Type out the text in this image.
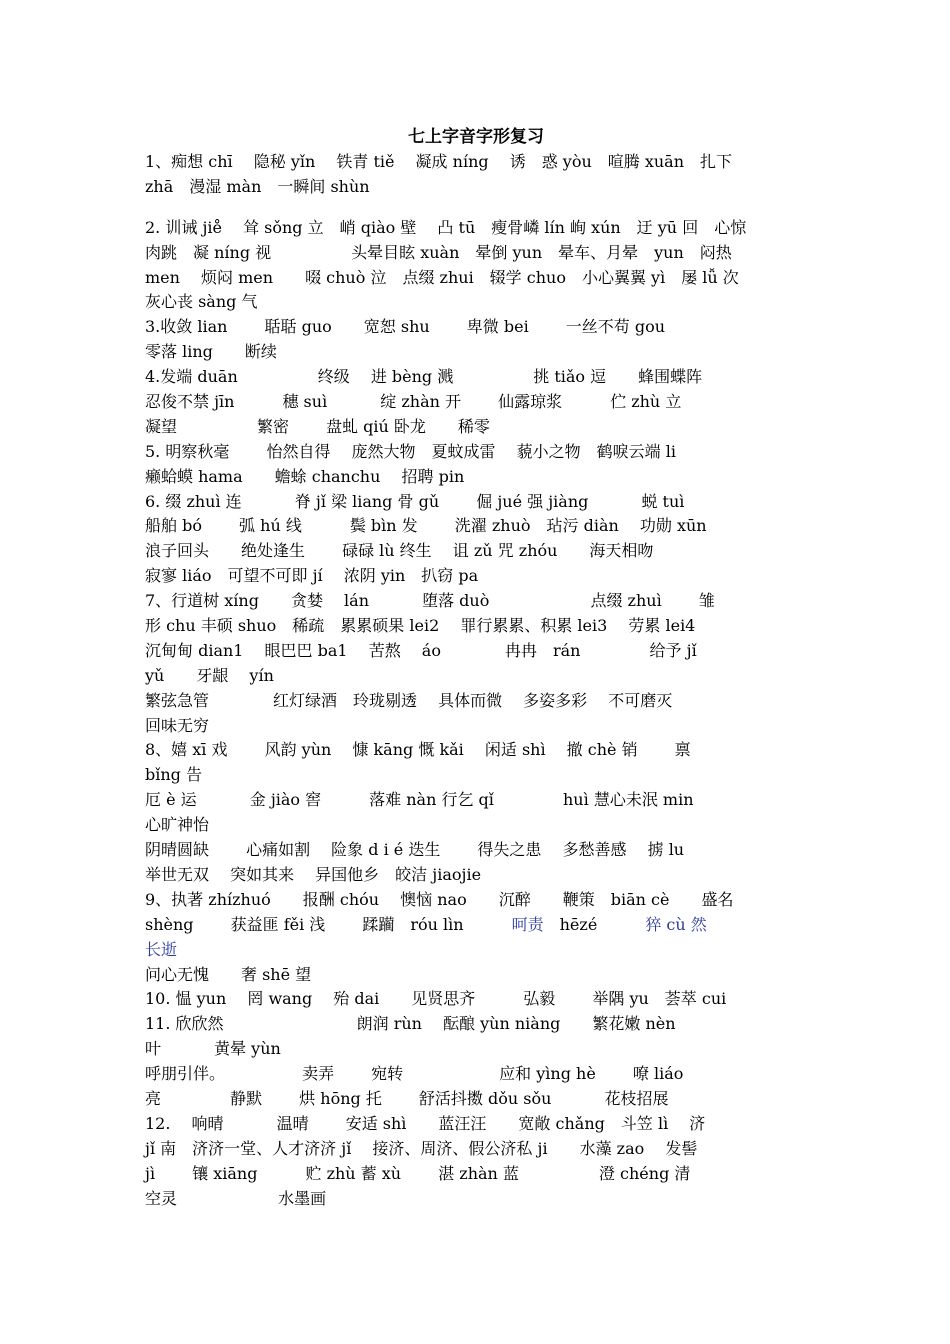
七上字音字形复习
1、痴想 chī　 隐秘 yǐn　 铁青 tiě　 凝成 níng　 诱　惑 yòu　喧腾 xuān　扎下
zhā　漫湿 màn　一瞬间 shùn
2. 训诫 jie̊　 耸 sǒng 立　峭 qiào 壁　 凸 tū　瘦骨嶙 lín 峋 xún　迂 yū 回　心惊
肉跳　凝 níng 视　　　　　头晕目眩 xuàn　晕倒 yun　晕车、月晕　yun　闷热
men　 烦闷 men　　啜 chuò 泣　点缀 zhui　辍学 chuo　小心翼翼 yì　屡 lǚ 次
灰心丧 sàng 气
3.收敛 lian　　 聒聒 guo　　宽恕 shu　　 卑微 bei　　 一丝不苟 gou
零落 ling　　断续
4.发端 duān　　　　　终级　 进 bèng 溅　　　　　挑 tiǎo 逗　　蜂围蝶阵
忍俊不禁 jīn　　　穗 suì　　　 绽 zhàn 开　　 仙露琼浆　　　伫 zhù 立
凝望　　　　　繁密　　 盘虬 qiú 卧龙　　稀零
5. 明察秋毫　　 怡然自得　 庞然大物　夏蚊成雷　 藐小之物　鹤唳云端 li
癞蛤蟆 hama　　蟾蜍 chanchu　 招聘 pin
6. 缀 zhuì 连　　　 脊 jǐ 梁 liang 骨 gǔ　　 倔 jué 强 jiàng　　　 蜕 tuì
船舶 bó　　 弧 hú 线　　　鬓 bìn 发　　 洗濯 zhuò　玷污 diàn　 功勋 xūn
浪子回头　　绝处逢生　　 碌碌 lù 终生　 诅 zǔ 咒 zhóu　　海天相吻
寂寥 liáo　可望不可即 jí　 浓阴 yin　扒窃 pa
7、行道树 xíng　　贪婪　 lán　　　 堕落 duò　　　　　　 点缀 zhuì　　 雏
形 chu 丰硕 shuo　稀疏　累累硕果 lei2　 罪行累累、积累 lei3　 劳累 lei4
沉甸甸 dian1　 眼巴巴 ba1　 苦熬　 áo　　　　冉冉　rán　　　　 给予 jǐ
yǔ　　牙龈　 yín
繁弦急管　　　　红灯绿酒　玲珑剔透　 具体而微　 多姿多彩　 不可磨灭
回味无穷
8、嬉 xī 戏　　 风韵 yùn　 慷 kāng 慨 kǎi　 闲适 shì　 撤 chè 销　　 禀
bǐng 告
厄 è 运　　　 金 jiào 窖　　　落难 nàn 行乞 qǐ　　　　 huì 慧心未泯 min
心旷神怡
阴晴圆缺　　 心痛如割　 险象 d i é 迭生　　 得失之患　 多愁善感　 掳 lu
举世无双　 突如其来　 异国他乡　皎洁 jiaojie
9、执著 zhízhuó　　报酬 chóu　 懊恼 nao　　沉醉　　鞭策　biān cè　　盛名
shèng　　 获益匪 fěi 浅　　 蹂躏　róu lìn　　　呵责　hēzé　　　猝 cù 然
长逝
问心无愧　　奢 shē 望
10. 愠 yun　 罔 wang　 殆 dai　　见贤思齐　　　弘毅　　 举隅 yu　荟萃 cui
11. 欣欣然　　　　　　　　 朗润 rùn　 酝酿 yùn niàng　　繁花嫩 nèn
叶　　　 黄晕 yùn
呼朋引伴。　　　　　 卖弄　　 宛转　　　　　　应和 yìng hè　　 嘹 liáo
亮　　　　 静默　　 烘 hōng 托　　 舒活抖擞 dǒu sǒu　　　 花枝招展
12.　 响晴　　　 温晴　　 安适 shì　　蓝汪汪　　宽敞 chǎng　斗笠 lì　 济
jǐ 南　济济一堂、人才济济 jǐ　 接济、周济、假公济私 ji　　水藻 zao　 发髻
jì　　 镶 xiāng　　　贮 zhù 蓄 xù　　 湛 zhàn 蓝　　　　　澄 chéng 清
空灵　　　　　　 水墨画
